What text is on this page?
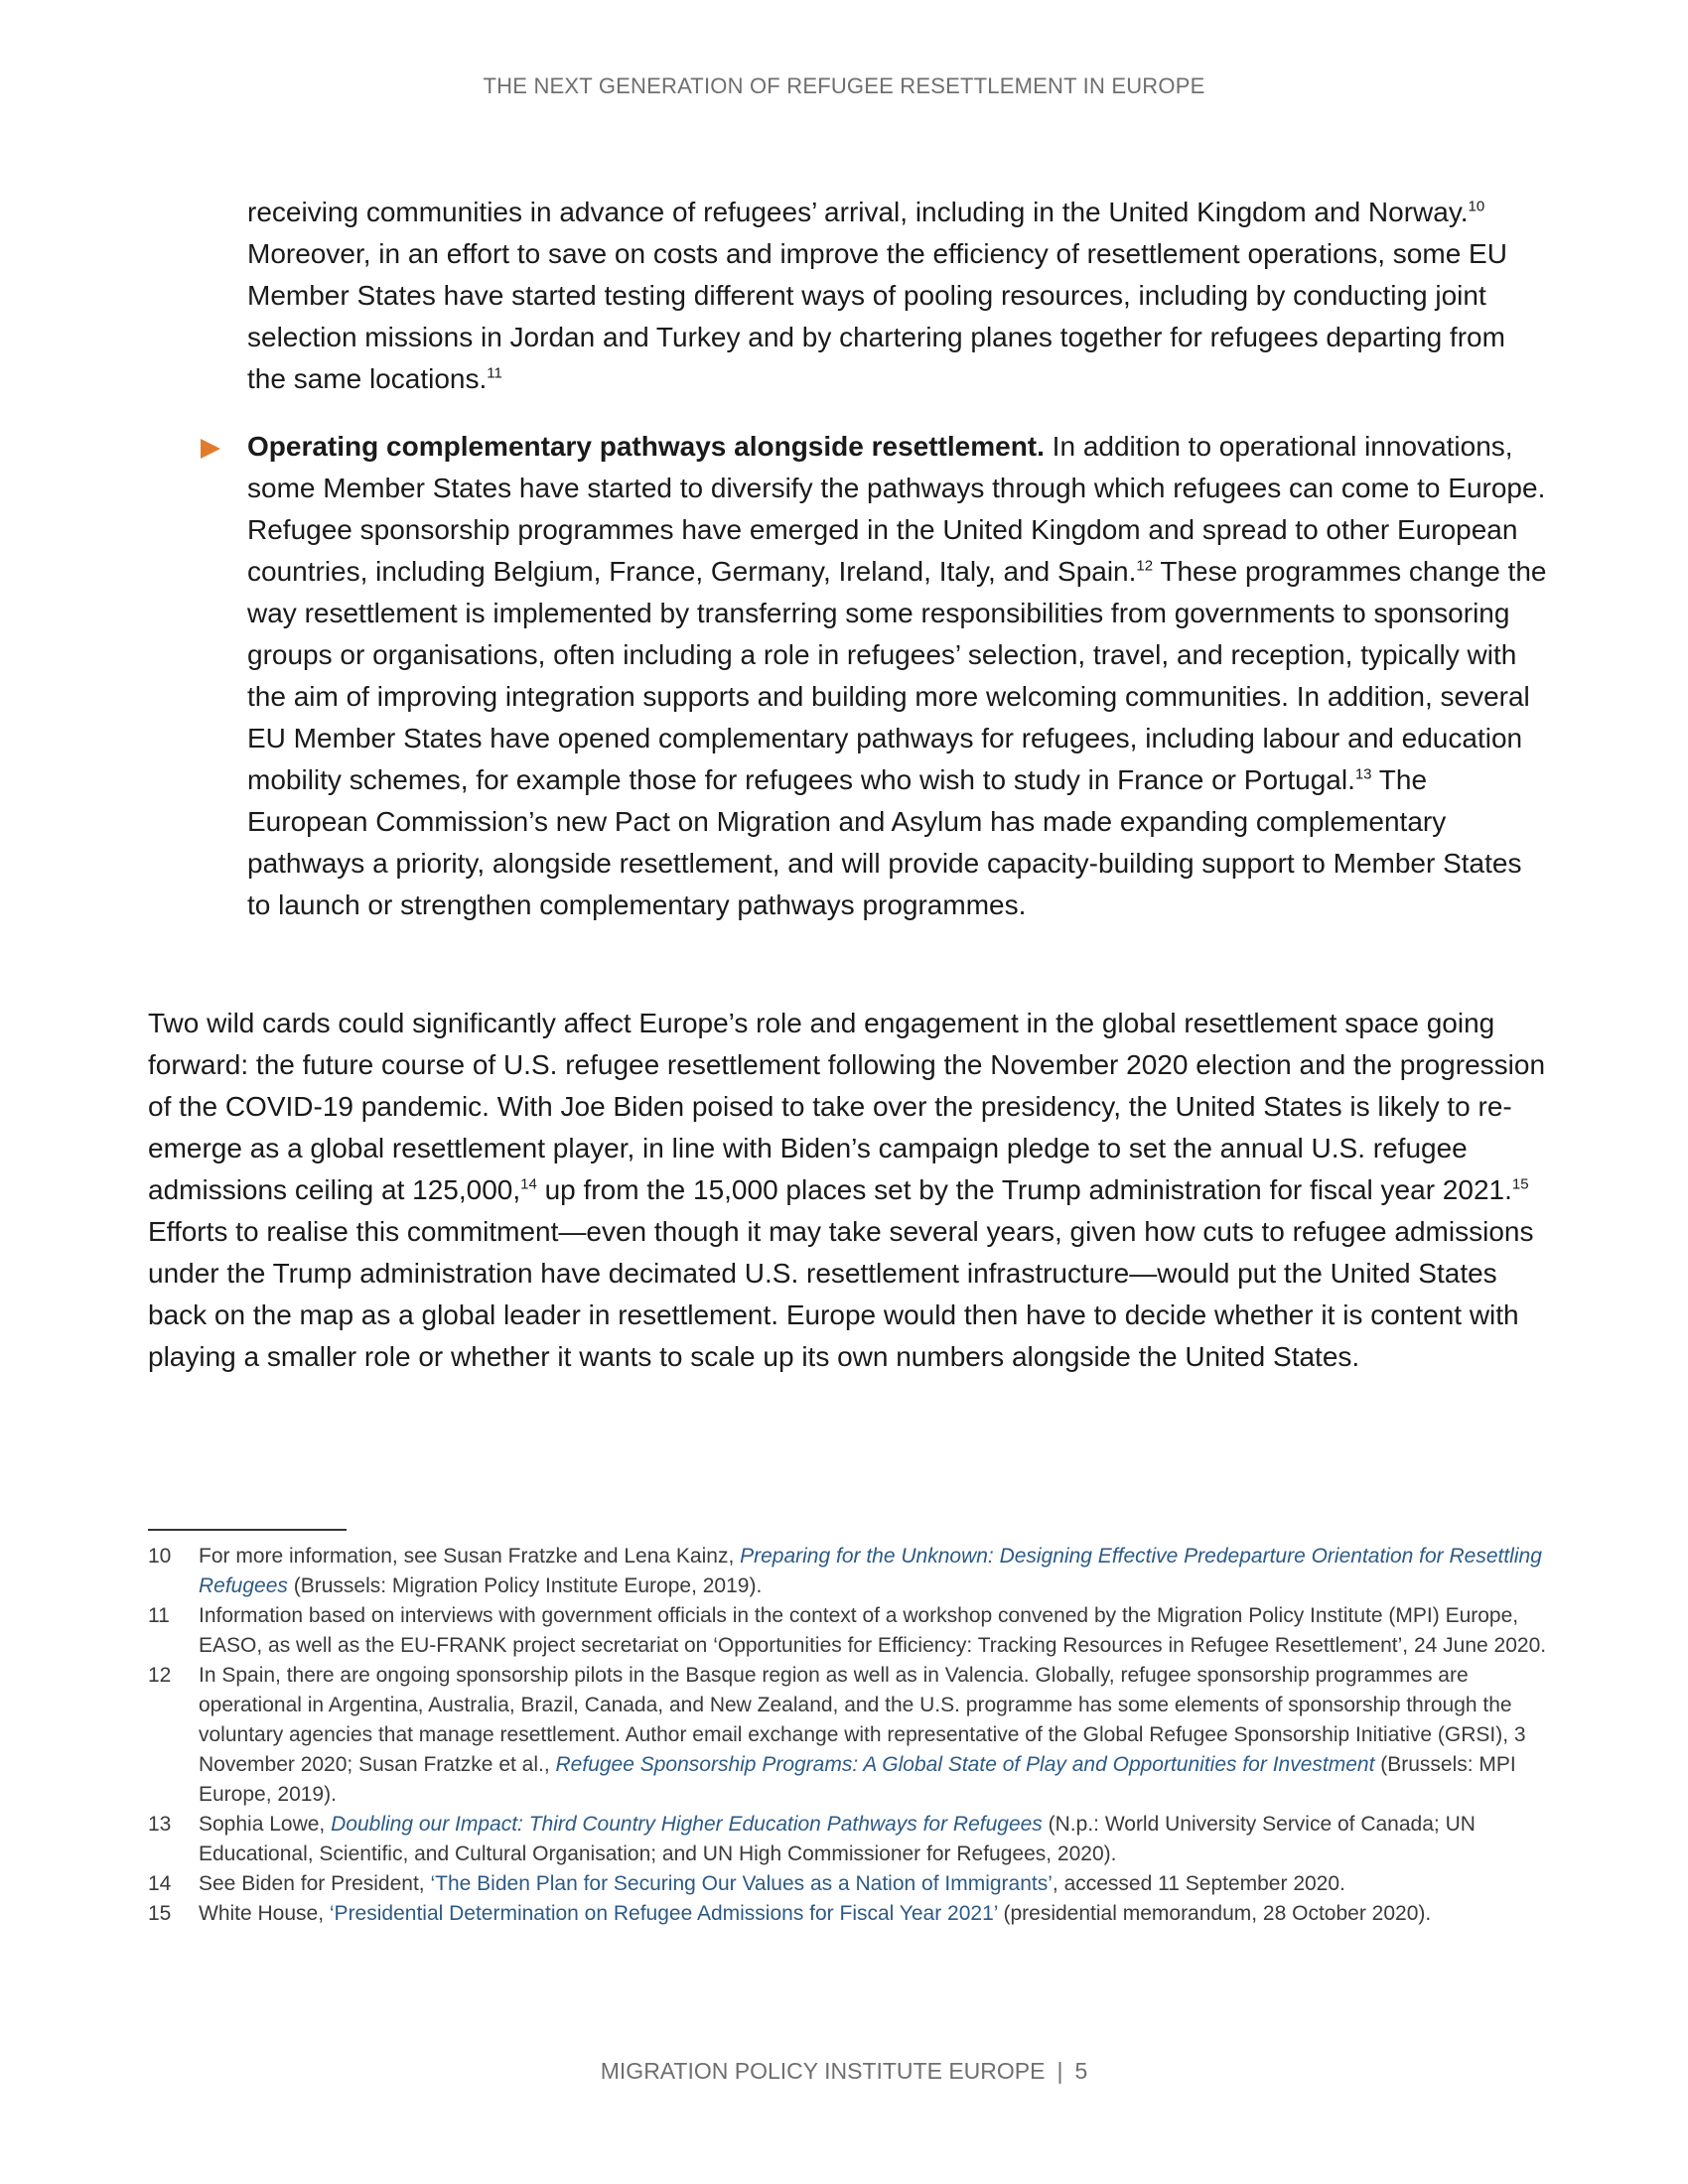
THE NEXT GENERATION OF REFUGEE RESETTLEMENT IN EUROPE

receiving communities in advance of refugees’ arrival, including in the United Kingdom and Norway.$^{10}$ Moreover, in an effort to save on costs and improve the efficiency of resettlement operations, some EU Member States have started testing different ways of pooling resources, including by conducting joint selection missions in Jordan and Turkey and by chartering planes together for refugees departing from the same locations.$^{11}$

Operating complementary pathways alongside resettlement. In addition to operational innovations, some Member States have started to diversify the pathways through which refugees can come to Europe. Refugee sponsorship programmes have emerged in the United Kingdom and spread to other European countries, including Belgium, France, Germany, Ireland, Italy, and Spain.$^{12}$ These programmes change the way resettlement is implemented by transferring some responsibilities from governments to sponsoring groups or organisations, often including a role in refugees’ selection, travel, and reception, typically with the aim of improving integration supports and building more welcoming communities. In addition, several EU Member States have opened complementary pathways for refugees, including labour and education mobility schemes, for example those for refugees who wish to study in France or Portugal.$^{13}$ The European Commission’s new Pact on Migration and Asylum has made expanding complementary pathways a priority, alongside resettlement, and will provide capacity-building support to Member States to launch or strengthen complementary pathways programmes.

Two wild cards could significantly affect Europe’s role and engagement in the global resettlement space going forward: the future course of U.S. refugee resettlement following the November 2020 election and the progression of the COVID-19 pandemic. With Joe Biden poised to take over the presidency, the United States is likely to re-emerge as a global resettlement player, in line with Biden’s campaign pledge to set the annual U.S. refugee admissions ceiling at 125,000,14 up from the 15,000 places set by the Trump administration for fiscal year 2021.15 Efforts to realise this commitment—even though it may take several years, given how cuts to refugee admissions under the Trump administration have decimated U.S. resettlement infrastructure—would put the United States back on the map as a global leader in resettlement. Europe would then have to decide whether it is content with playing a smaller role or whether it wants to scale up its own numbers alongside the United States.

10	For more information, see Susan Fratzke and Lena Kainz, Preparing for the Unknown: Designing Effective Predeparture Orientation for Resettling Refugees (Brussels: Migration Policy Institute Europe, 2019).
11	Information based on interviews with government officials in the context of a workshop convened by the Migration Policy Institute (MPI) Europe, EASO, as well as the EU-FRANK project secretariat on ‘Opportunities for Efficiency: Tracking Resources in Refugee Resettlement’, 24 June 2020.
12	In Spain, there are ongoing sponsorship pilots in the Basque region as well as in Valencia. Globally, refugee sponsorship programmes are operational in Argentina, Australia, Brazil, Canada, and New Zealand, and the U.S. programme has some elements of sponsorship through the voluntary agencies that manage resettlement. Author email exchange with representative of the Global Refugee Sponsorship Initiative (GRSI), 3 November 2020; Susan Fratzke et al., Refugee Sponsorship Programs: A Global State of Play and Opportunities for Investment (Brussels: MPI Europe, 2019).
13	Sophia Lowe, Doubling our Impact: Third Country Higher Education Pathways for Refugees (N.p.: World University Service of Canada; UN Educational, Scientific, and Cultural Organisation; and UN High Commissioner for Refugees, 2020).
14	See Biden for President, ‘The Biden Plan for Securing Our Values as a Nation of Immigrants’, accessed 11 September 2020.
15	White House, ‘Presidential Determination on Refugee Admissions for Fiscal Year 2021’ (presidential memorandum, 28 October 2020).
MIGRATION POLICY INSTITUTE EUROPE | 5
